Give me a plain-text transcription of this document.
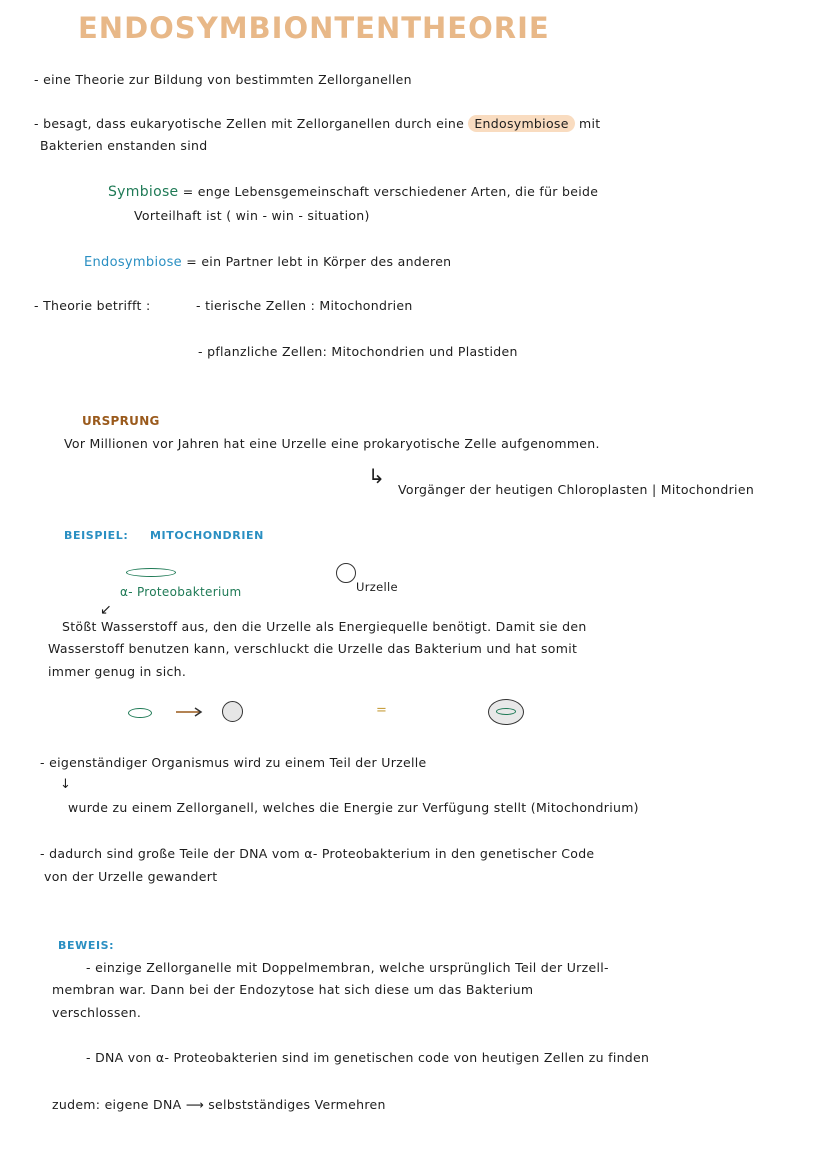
ENDOSYMBIONTENTHEORIE
- eine Theorie zur Bildung von bestimmten Zellorganellen
- besagt, dass eukaryotische Zellen mit Zellorganellen durch eine Endosymbiose mit
Bakterien enstanden sind
Symbiose = enge Lebensgemeinschaft verschiedener Arten, die für beide
Vorteilhaft ist ( win - win - situation)
Endosymbiose = ein Partner lebt in Körper des anderen
- Theorie betrifft :	- tierische Zellen : Mitochondrien
- pflanzliche Zellen: Mitochondrien und Plastiden
URSPRUNG
Vor Millionen vor Jahren hat eine Urzelle eine prokaryotische Zelle aufgenommen.
↳
Vorgänger der heutigen Chloroplasten | Mitochondrien
BEISPIEL: MITOCHONDRIEN
α- Proteobakterium
↙
Urzelle
Stößt Wasserstoff aus, den die Urzelle als Energiequelle benötigt. Damit sie den
Wasserstoff benutzen kann, verschluckt die Urzelle das Bakterium und hat somit
immer genug in sich.
=
- eigenständiger Organismus wird zu einem Teil der Urzelle
↓
wurde zu einem Zellorganell, welches die Energie zur Verfügung stellt (Mitochondrium)
- dadurch sind große Teile der DNA vom α- Proteobakterium in den genetischer Code
von der Urzelle gewandert
BEWEIS:
- einzige Zellorganelle mit Doppelmembran, welche ursprünglich Teil der Urzell-
membran war. Dann bei der Endozytose hat sich diese um das Bakterium
verschlossen.
- DNA von α- Proteobakterien sind im genetischen code von heutigen Zellen zu finden
zudem: eigene DNA ⟶ selbstständiges Vermehren
